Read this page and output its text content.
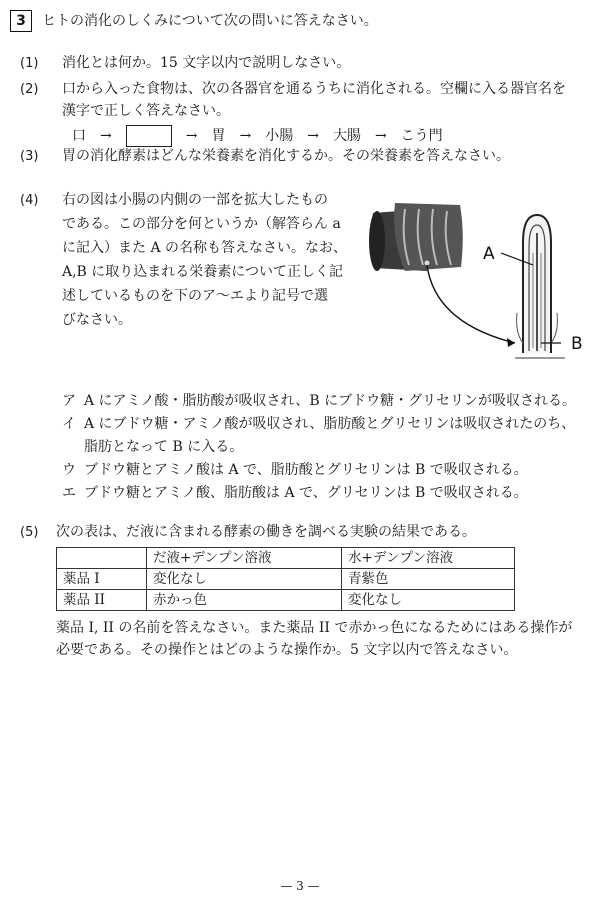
3	ヒトの消化のしくみについて次の問いに答えなさい。
(1) 消化とは何か。15 文字以内で説明しなさい。
(2) 口から入った食物は、次の各器官を通るうちに消化される。空欄に入る器官名を
漢字で正しく答えなさい。
口 →	→ 胃 → 小腸 → 大腸 → こう門
(3) 胃の消化酵素はどんな栄養素を消化するか。その栄養素を答えなさい。
(4) 右の図は小腸の内側の一部を拡大したもの
である。この部分を何というか（解答らん a
に記入）また A の名称も答えなさい。なお、
A,B に取り込まれる栄養素について正しく記
述しているものを下のア～エより記号で選
びなさい。
A
B
ア A にアミノ酸・脂肪酸が吸収され、B にブドウ糖・グリセリンが吸収される。
イ A にブドウ糖・アミノ酸が吸収され、脂肪酸とグリセリンは吸収されたのち、
脂肪となって B に入る。
ウ ブドウ糖とアミノ酸は A で、脂肪酸とグリセリンは B で吸収される。
エ ブドウ糖とアミノ酸、脂肪酸は A で、グリセリンは B で吸収される。
(5) 次の表は、だ液に含まれる酵素の働きを調べる実験の結果である。
	だ液+デンプン溶液	水+デンプン溶液
薬品 I	変化なし	青紫色
薬品 II	赤かっ色	変化なし
薬品 I, II の名前を答えなさい。また薬品 II で赤かっ色になるためにはある操作が
必要である。その操作とはどのような操作か。5 文字以内で答えなさい。
— 3 —
